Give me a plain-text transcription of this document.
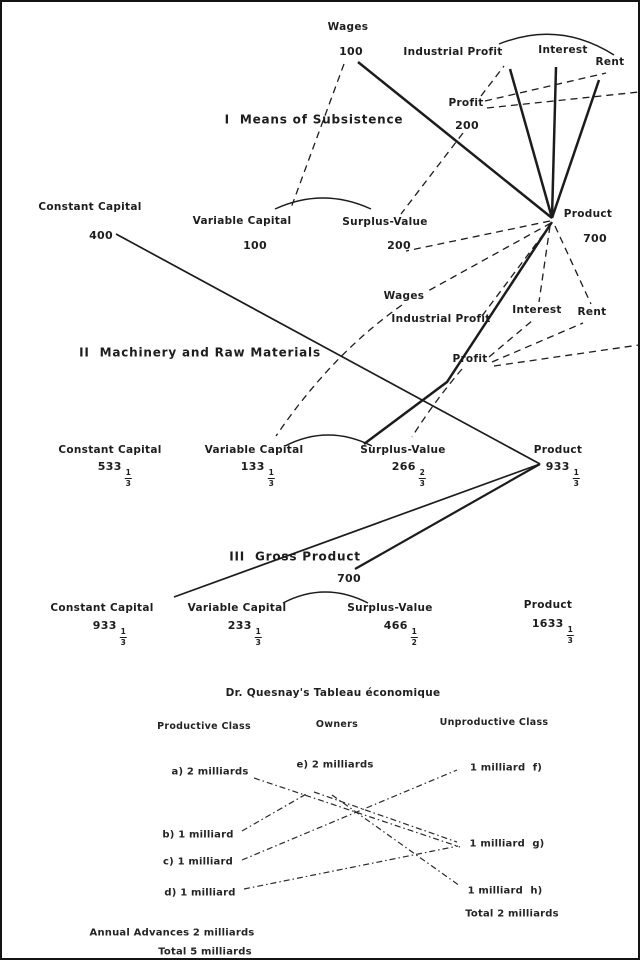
Wages
100	Industrial Profit	Interest
Rent
Profit
200
I  Means of Subsistence
Constant Capital
400
Variable Capital
100
Surplus-Value
200
Product
700
Wages
Industrial Profit
Interest Rent
Profit
II  Machinery and Raw Materials
Constant Capital
533
$\frac{1}{3}$
Variable Capital
133
$\frac{1}{3}$
Surplus-Value
266
$\frac{2}{3}$
Product
933
$\frac{1}{3}$
III  Gross Product
700
Constant Capital
933
$\frac{1}{3}$
Variable Capital
233
$\frac{1}{3}$
Surplus-Value
466
$\frac{1}{2}$
Product
1633
$\frac{1}{3}$
Dr. Quesnay's Tableau économique
Productive Class	Owners	Unproductive Class
a) 2 milliards
b) 1 milliard
c) 1 milliard
d) 1 milliard
e) 2 milliards	1 milliard  f)
1 milliard  g)
1 milliard  h)
Total 2 milliards
Annual Advances 2 milliards
Total 5 milliards
